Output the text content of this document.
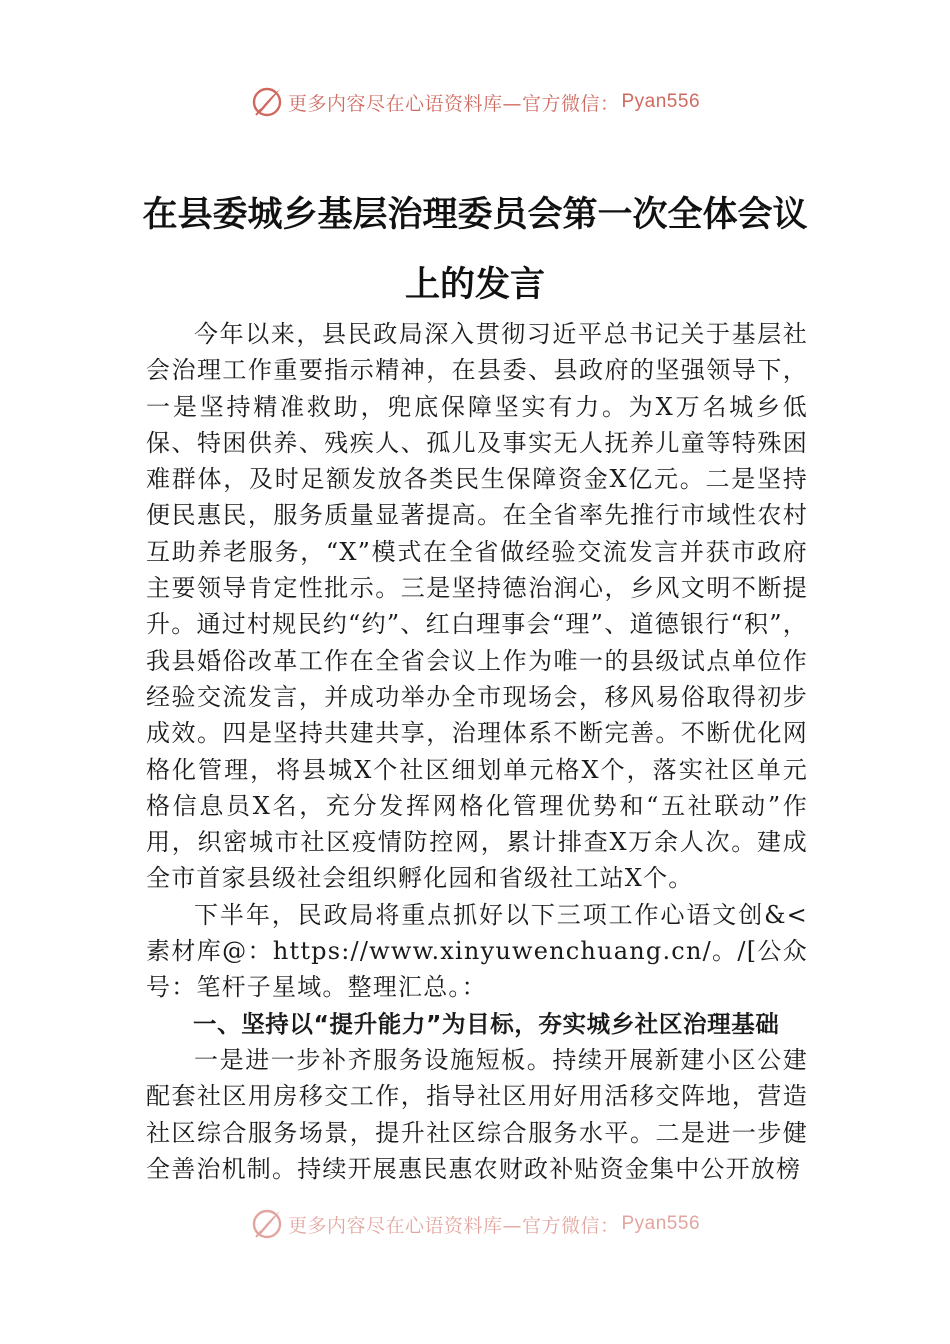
更多内容尽在心语资料库—官方微信： Pyan556
在县委城乡基层治理委员会第一次全体会议上的发言

今年以来，县民政局深入贯彻习近平总书记关于基层社会治理工作重要指示精神，在县委、县政府的坚强领导下，一是坚持精准救助，兜底保障坚实有力。为X万名城乡低保、特困供养、残疾人、孤儿及事实无人抚养儿童等特殊困难群体，及时足额发放各类民生保障资金X亿元。二是坚持便民惠民，服务质量显著提高。在全省率先推行市域性农村互助养老服务，“X”模式在全省做经验交流发言并获市政府主要领导肯定性批示。三是坚持德治润心，乡风文明不断提升。通过村规民约“约”、红白理事会“理”、道德银行“积”，我县婚俗改革工作在全省会议上作为唯一的县级试点单位作经验交流发言，并成功举办全市现场会，移风易俗取得初步成效。四是坚持共建共享，治理体系不断完善。不断优化网格化管理，将县城X个社区细划单元格X个，落实社区单元格信息员X名，充分发挥网格化管理优势和“五社联动”作用，织密城市社区疫情防控网，累计排查X万余人次。建成全市首家县级社会组织孵化园和省级社工站X个。

下半年，民政局将重点抓好以下三项工作心语文创&<素材库@：https://www.xinyuwenchuang.cn/。/[公众号：笔杆子星域。整理汇总。：

一、坚持以“提升能力”为目标，夯实城乡社区治理基础

一是进一步补齐服务设施短板。持续开展新建小区公建配套社区用房移交工作，指导社区用好用活移交阵地，营造社区综合服务场景，提升社区综合服务水平。二是进一步健全善治机制。持续开展惠民惠农财政补贴资金集中公开放榜

更多内容尽在心语资料库—官方微信： Pyan556
